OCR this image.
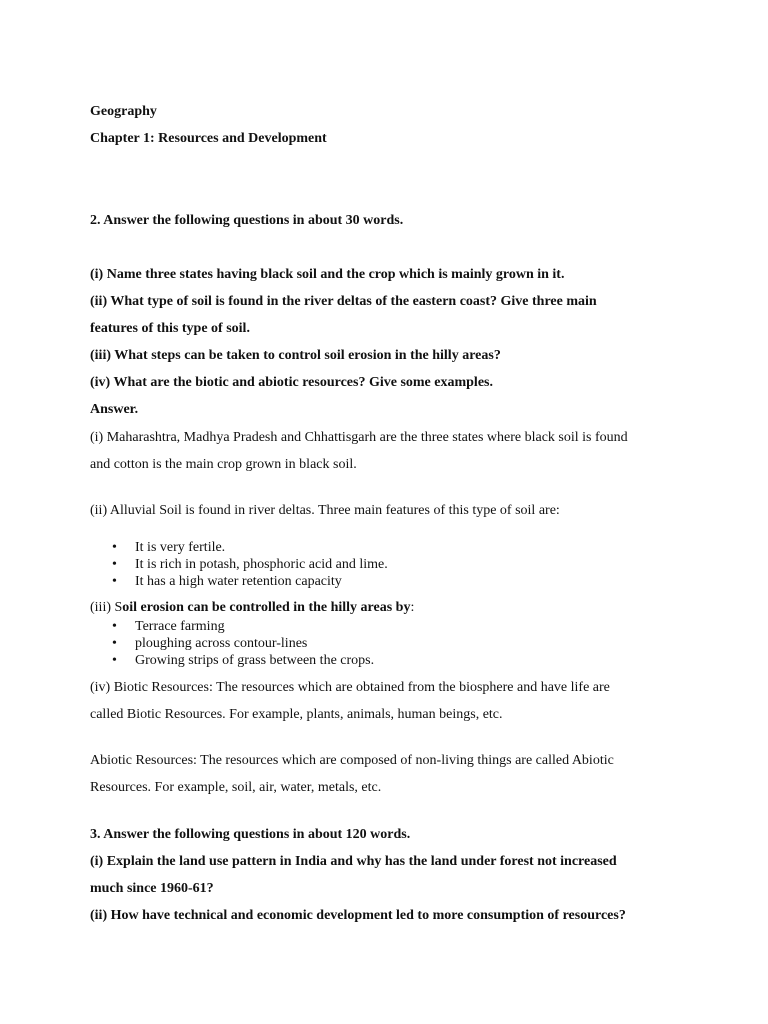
Geography
Chapter 1: Resources and Development
2. Answer the following questions in about 30 words.
(i) Name three states having black soil and the crop which is mainly grown in it.
(ii) What type of soil is found in the river deltas of the eastern coast? Give three main
features of this type of soil.
(iii) What steps can be taken to control soil erosion in the hilly areas?
(iv) What are the biotic and abiotic resources? Give some examples.
Answer.
(i) Maharashtra, Madhya Pradesh and Chhattisgarh are the three states where black soil is found
and cotton is the main crop grown in black soil.
(ii) Alluvial Soil is found in river deltas. Three main features of this type of soil are:
• It is very fertile.
• It is rich in potash, phosphoric acid and lime.
• It has a high water retention capacity
(iii) Soil erosion can be controlled in the hilly areas by:
• Terrace farming
• ploughing across contour-lines
• Growing strips of grass between the crops.
(iv) Biotic Resources: The resources which are obtained from the biosphere and have life are
called Biotic Resources. For example, plants, animals, human beings, etc.
Abiotic Resources: The resources which are composed of non-living things are called Abiotic
Resources. For example, soil, air, water, metals, etc.
3. Answer the following questions in about 120 words.
(i) Explain the land use pattern in India and why has the land under forest not increased
much since 1960-61?
(ii) How have technical and economic development led to more consumption of resources?
